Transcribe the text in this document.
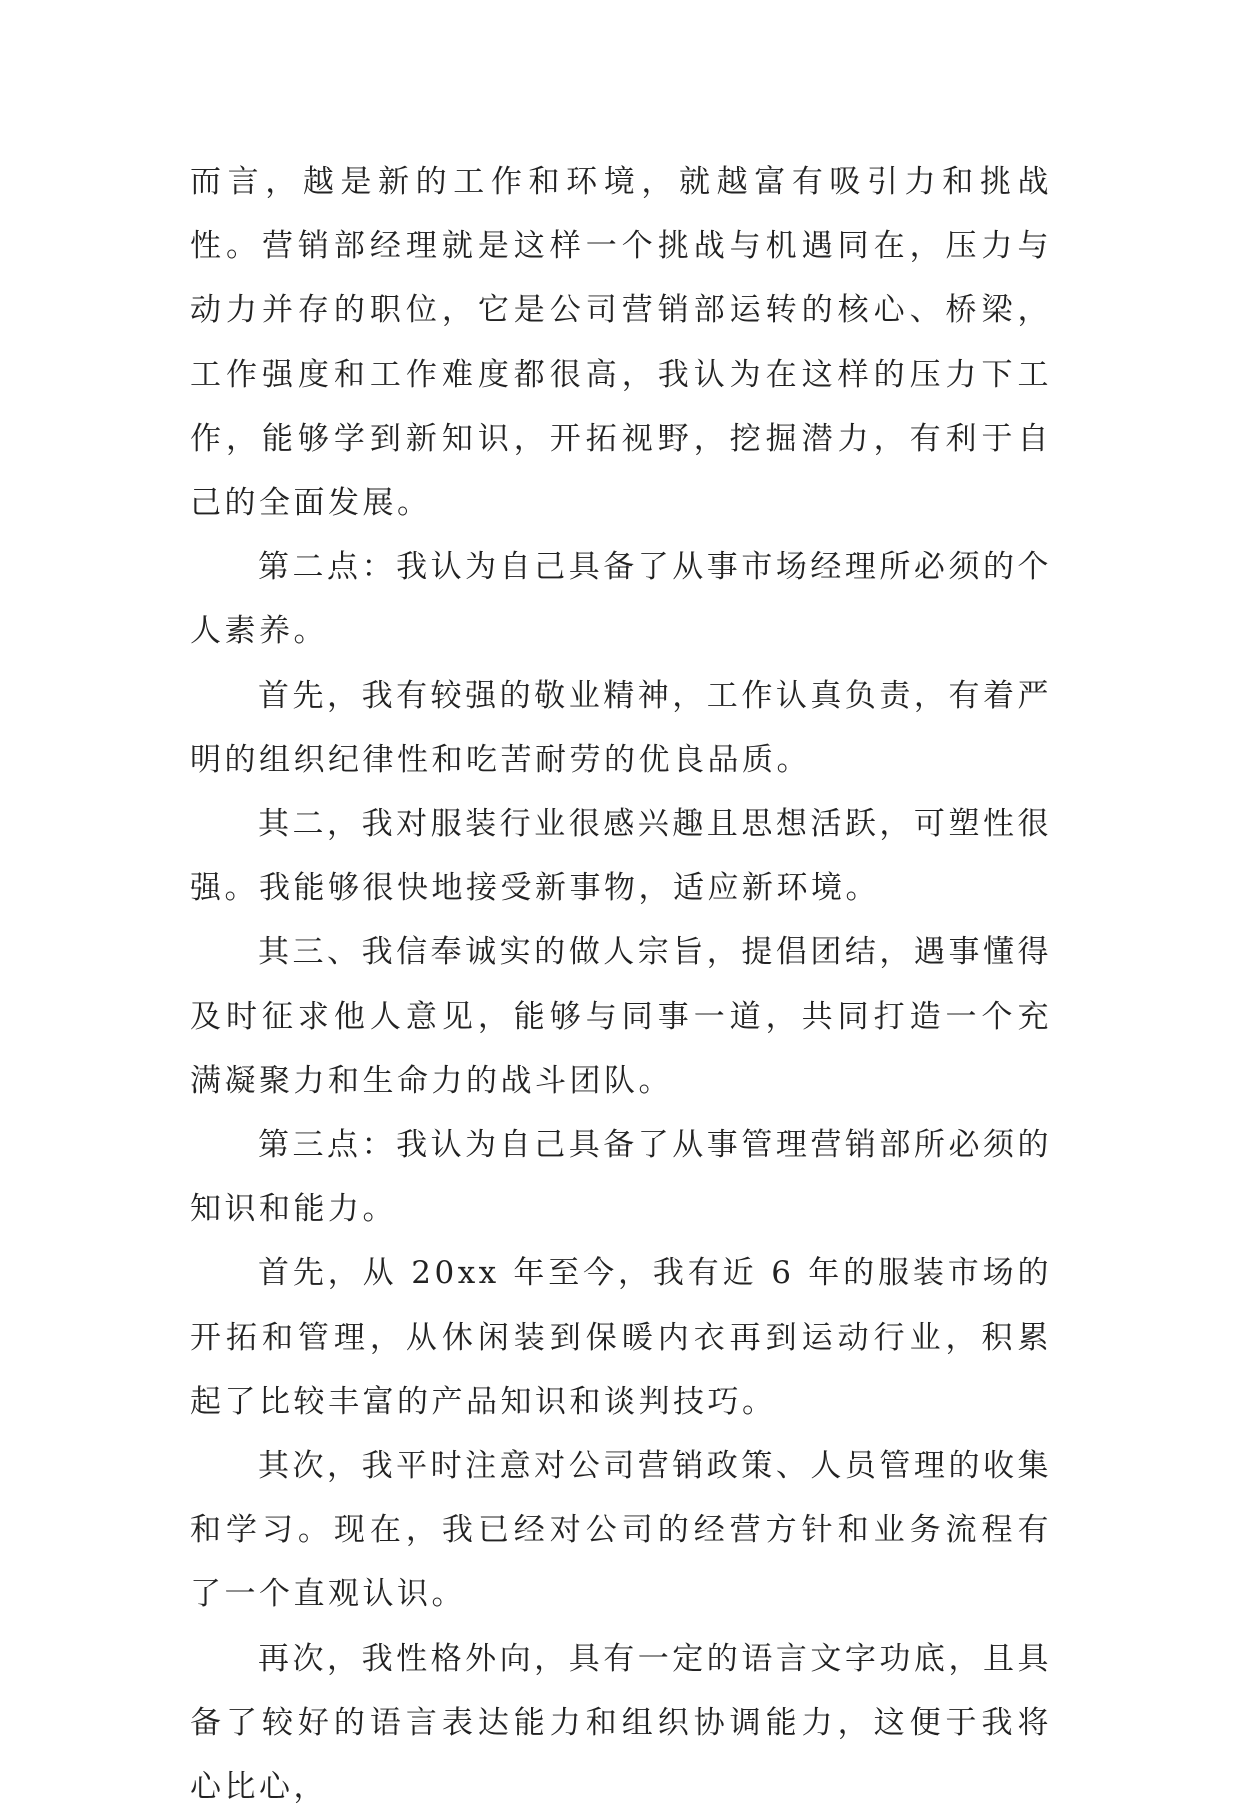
而言，越是新的工作和环境，就越富有吸引力和挑战性。营销部经理就是这样一个挑战与机遇同在，压力与动力并存的职位，它是公司营销部运转的核心、桥梁，工作强度和工作难度都很高，我认为在这样的压力下工作，能够学到新知识，开拓视野，挖掘潜力，有利于自己的全面发展。

第二点：我认为自己具备了从事市场经理所必须的个人素养。

首先，我有较强的敬业精神，工作认真负责，有着严明的组织纪律性和吃苦耐劳的优良品质。

其二，我对服装行业很感兴趣且思想活跃，可塑性很强。我能够很快地接受新事物，适应新环境。

其三、我信奉诚实的做人宗旨，提倡团结，遇事懂得及时征求他人意见，能够与同事一道，共同打造一个充满凝聚力和生命力的战斗团队。

第三点：我认为自己具备了从事管理营销部所必须的知识和能力。

首先，从 20xx 年至今，我有近 6 年的服装市场的开拓和管理，从休闲装到保暖内衣再到运动行业，积累起了比较丰富的产品知识和谈判技巧。

其次，我平时注意对公司营销政策、人员管理的收集和学习。现在，我已经对公司的经营方针和业务流程有了一个直观认识。

再次，我性格外向，具有一定的语言文字功底，且具备了较好的语言表达能力和组织协调能力，这便于我将心比心，
